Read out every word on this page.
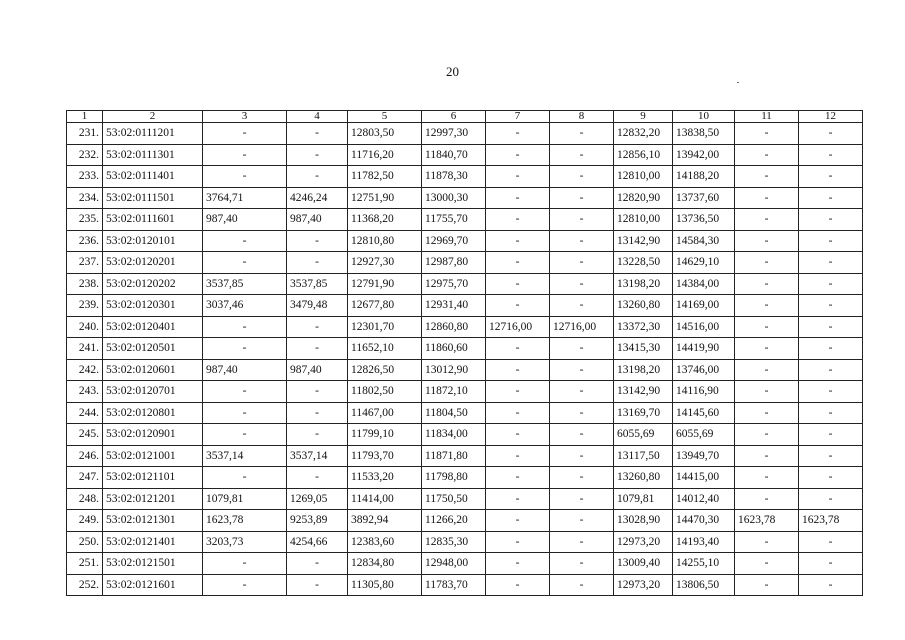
20
1	2	3	4	5	6	7	8	9	10	11	12
231.	53:02:0111201	-	-	12803,50	12997,30	-	-	12832,20	13838,50	-	-
232.	53:02:0111301	-	-	11716,20	11840,70	-	-	12856,10	13942,00	-	-
233.	53:02:0111401	-	-	11782,50	11878,30	-	-	12810,00	14188,20	-	-
234.	53:02:0111501	3764,71	4246,24	12751,90	13000,30	-	-	12820,90	13737,60	-	-
235.	53:02:0111601	987,40	987,40	11368,20	11755,70	-	-	12810,00	13736,50	-	-
236.	53:02:0120101	-	-	12810,80	12969,70	-	-	13142,90	14584,30	-	-
237.	53:02:0120201	-	-	12927,30	12987,80	-	-	13228,50	14629,10	-	-
238.	53:02:0120202	3537,85	3537,85	12791,90	12975,70	-	-	13198,20	14384,00	-	-
239.	53:02:0120301	3037,46	3479,48	12677,80	12931,40	-	-	13260,80	14169,00	-	-
240.	53:02:0120401	-	-	12301,70	12860,80	12716,00	12716,00	13372,30	14516,00	-	-
241.	53:02:0120501	-	-	11652,10	11860,60	-	-	13415,30	14419,90	-	-
242.	53:02:0120601	987,40	987,40	12826,50	13012,90	-	-	13198,20	13746,00	-	-
243.	53:02:0120701	-	-	11802,50	11872,10	-	-	13142,90	14116,90	-	-
244.	53:02:0120801	-	-	11467,00	11804,50	-	-	13169,70	14145,60	-	-
245.	53:02:0120901	-	-	11799,10	11834,00	-	-	6055,69	6055,69	-	-
246.	53:02:0121001	3537,14	3537,14	11793,70	11871,80	-	-	13117,50	13949,70	-	-
247.	53:02:0121101	-	-	11533,20	11798,80	-	-	13260,80	14415,00	-	-
248.	53:02:0121201	1079,81	1269,05	11414,00	11750,50	-	-	1079,81	14012,40	-	-
249.	53:02:0121301	1623,78	9253,89	3892,94	11266,20	-	-	13028,90	14470,30	1623,78	1623,78
250.	53:02:0121401	3203,73	4254,66	12383,60	12835,30	-	-	12973,20	14193,40	-	-
251.	53:02:0121501	-	-	12834,80	12948,00	-	-	13009,40	14255,10	-	-
252.	53:02:0121601	-	-	11305,80	11783,70	-	-	12973,20	13806,50	-	-
